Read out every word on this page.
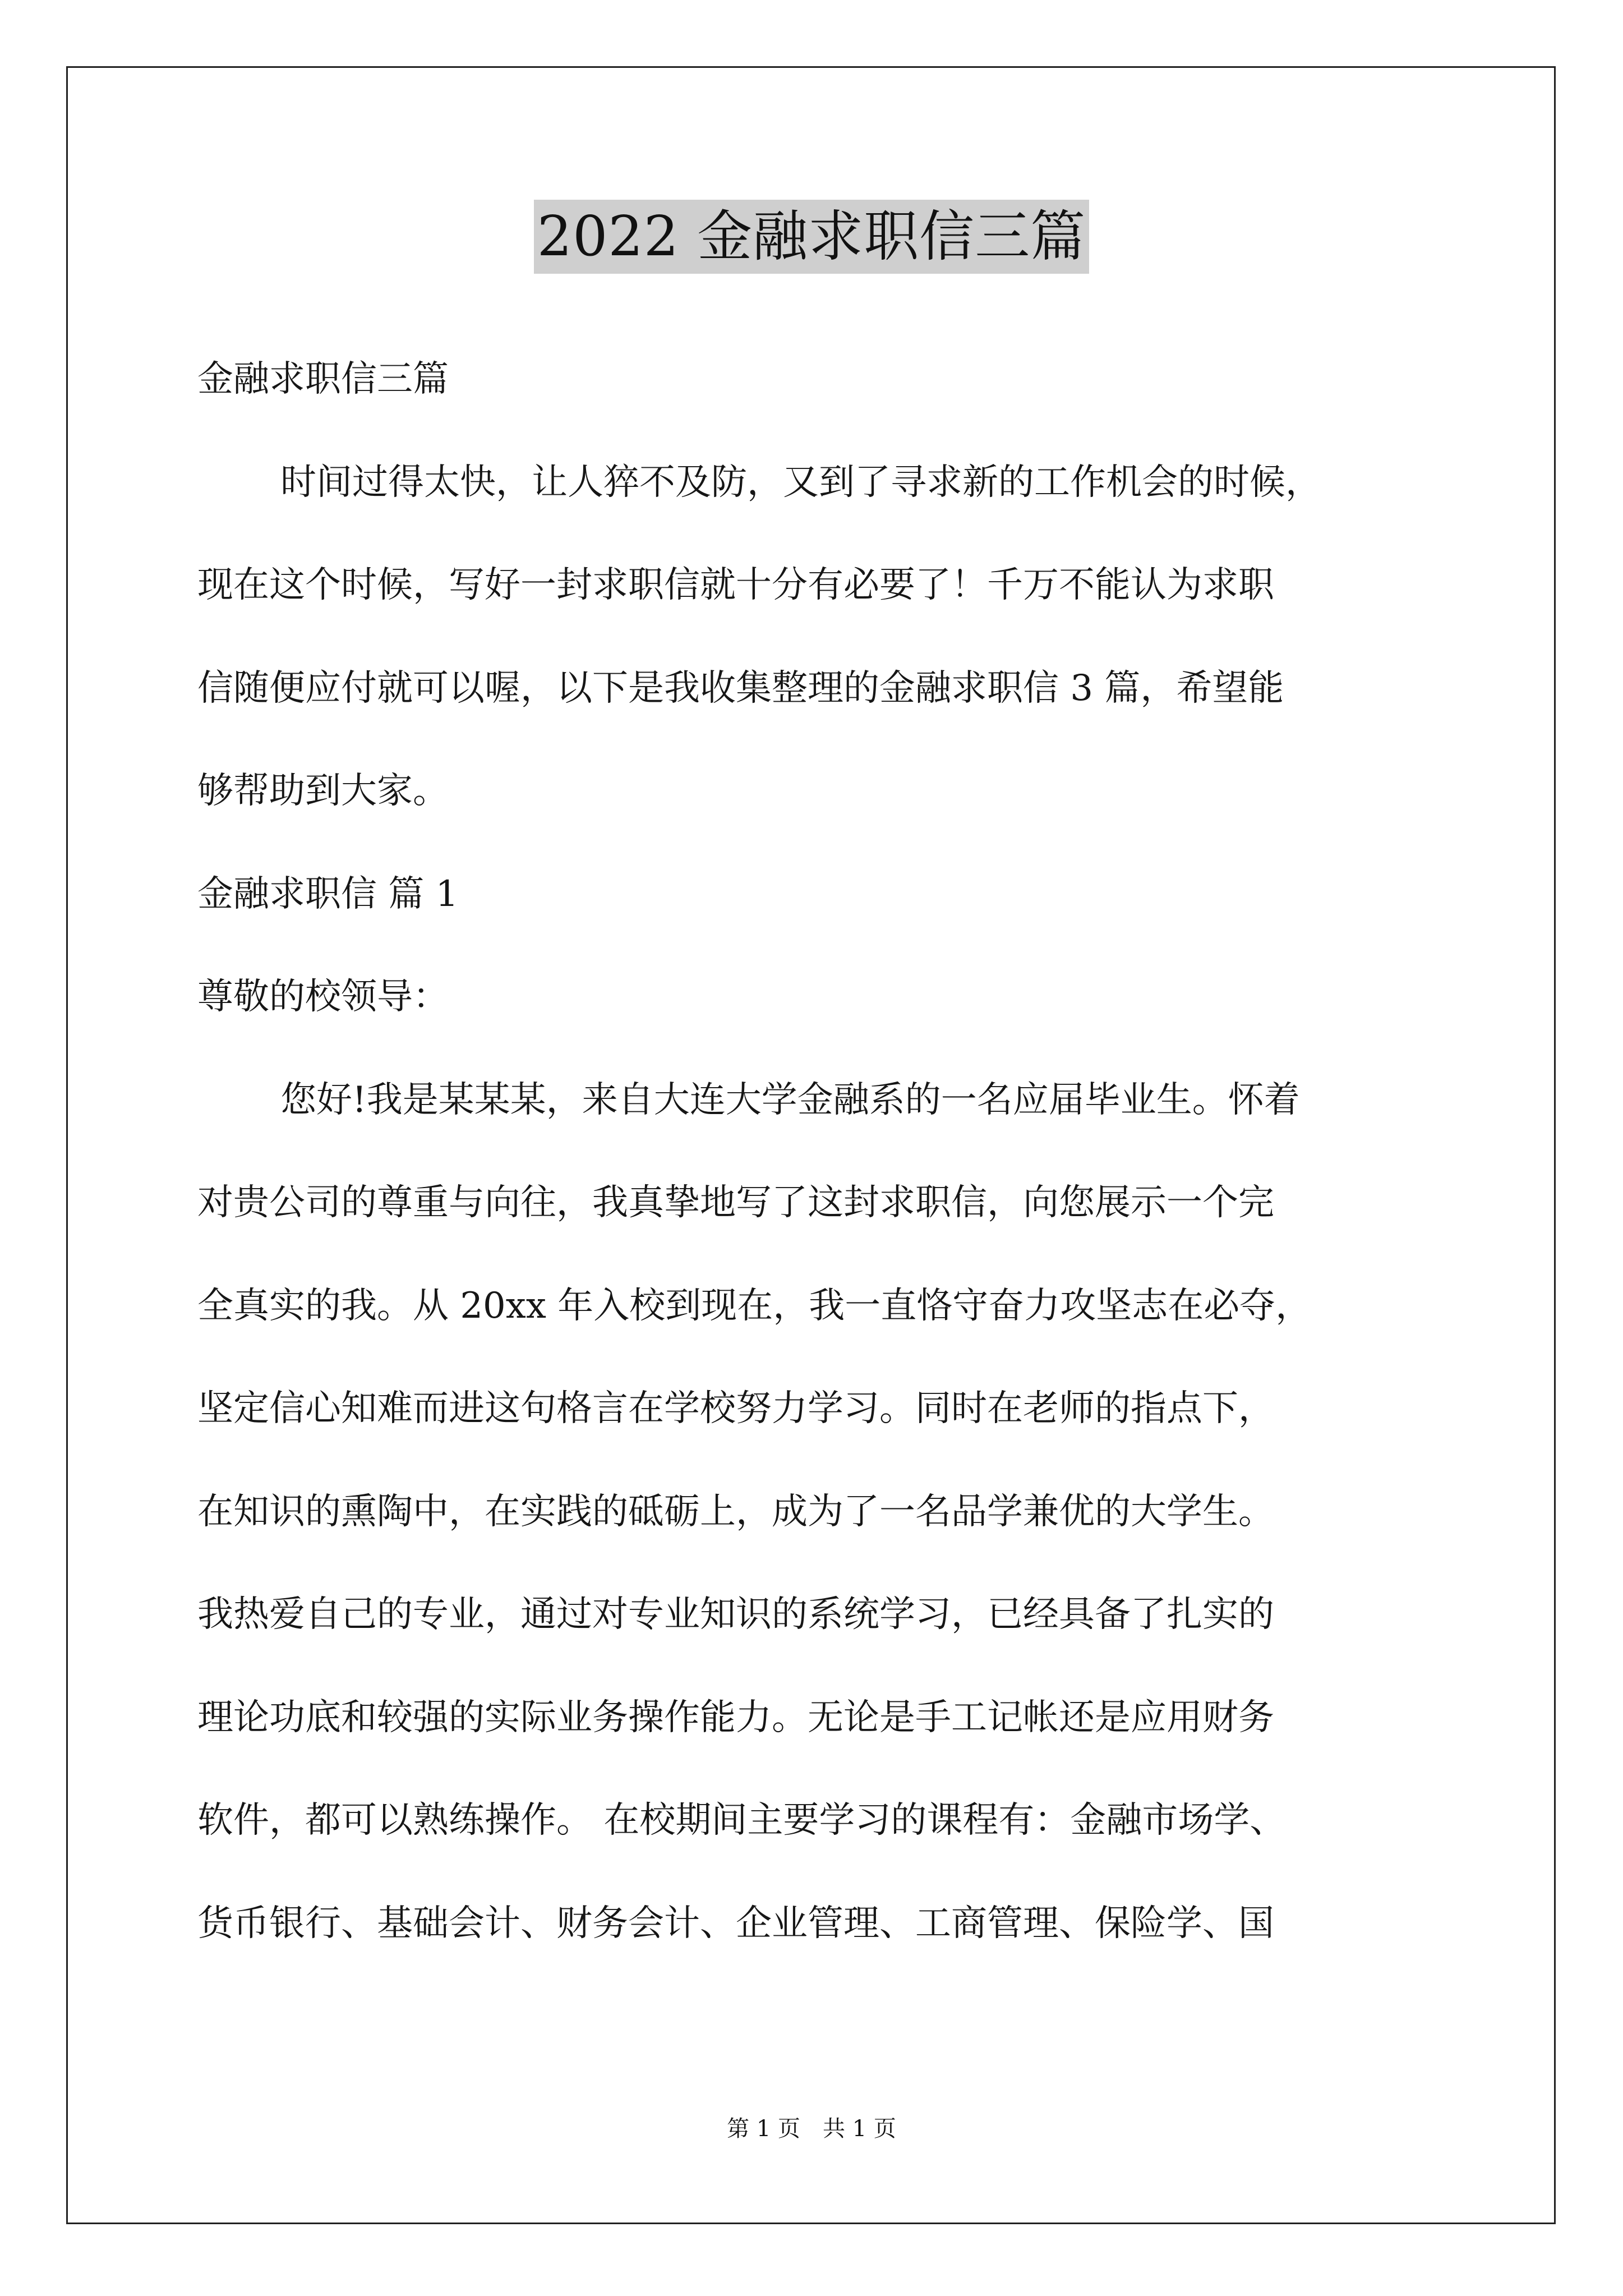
2022 金融求职信三篇
金融求职信三篇
时间过得太快，让人猝不及防，又到了寻求新的工作机会的时候，
现在这个时候，写好一封求职信就十分有必要了！千万不能认为求职
信随便应付就可以喔，以下是我收集整理的金融求职信 3 篇，希望能
够帮助到大家。
金融求职信 篇 1
尊敬的校领导：
您好!我是某某某，来自大连大学金融系的一名应届毕业生。怀着
对贵公司的尊重与向往，我真挚地写了这封求职信，向您展示一个完
全真实的我。从 20xx 年入校到现在，我一直恪守奋力攻坚志在必夺，
坚定信心知难而进这句格言在学校努力学习。同时在老师的指点下，
在知识的熏陶中，在实践的砥砺上，成为了一名品学兼优的大学生。
我热爱自己的专业，通过对专业知识的系统学习，已经具备了扎实的
理论功底和较强的实际业务操作能力。无论是手工记帐还是应用财务
软件，都可以熟练操作。 在校期间主要学习的课程有：金融市场学、
货币银行、基础会计、财务会计、企业管理、工商管理、保险学、国
第 1 页　共 1 页
